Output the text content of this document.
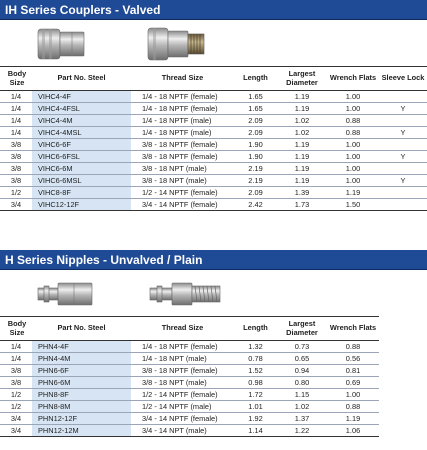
IH Series Couplers - Valved
Body Size	Part No. Steel	Thread Size	Length	Largest Diameter	Wrench Flats	Sleeve Lock
1/4	VIHC4-4F	1/4 - 18 NPTF (female)	1.65	1.19	1.00	
1/4	VIHC4-4FSL	1/4 - 18 NPTF (female)	1.65	1.19	1.00	Y
1/4	VIHC4-4M	1/4 - 18 NPTF (male)	2.09	1.02	0.88	
1/4	VIHC4-4MSL	1/4 - 18 NPTF (male)	2.09	1.02	0.88	Y
3/8	VIHC6-6F	3/8 - 18 NPTF (female)	1.90	1.19	1.00	
3/8	VIHC6-6FSL	3/8 - 18 NPTF (female)	1.90	1.19	1.00	Y
3/8	VIHC6-6M	3/8 - 18 NPT (male)	2.19	1.19	1.00	
3/8	VIHC6-6MSL	3/8 - 18 NPT (male)	2.19	1.19	1.00	Y
1/2	VIHC8-8F	1/2 - 14 NPTF (female)	2.09	1.39	1.19	
3/4	VIHC12-12F	3/4 - 14 NPTF (female)	2.42	1.73	1.50	
H Series Nipples - Unvalved / Plain
Body Size	Part No. Steel	Thread Size	Length	Largest Diameter	Wrench Flats	
1/4	PHN4-4F	1/4 - 18 NPTF (female)	1.32	0.73	0.88	
1/4	PHN4-4M	1/4 - 18 NPT (male)	0.78	0.65	0.56	
3/8	PHN6-6F	3/8 - 18 NPTF (female)	1.52	0.94	0.81	
3/8	PHN6-6M	3/8 - 18 NPT (male)	0.98	0.80	0.69	
1/2	PHN8-8F	1/2 - 14 NPTF (female)	1.72	1.15	1.00	
1/2	PHN8-8M	1/2 - 14 NPTF (male)	1.01	1.02	0.88	
3/4	PHN12-12F	3/4 - 14 NPTF (female)	1.92	1.37	1.19	
3/4	PHN12-12M	3/4 - 14 NPT (male)	1.14	1.22	1.06	
